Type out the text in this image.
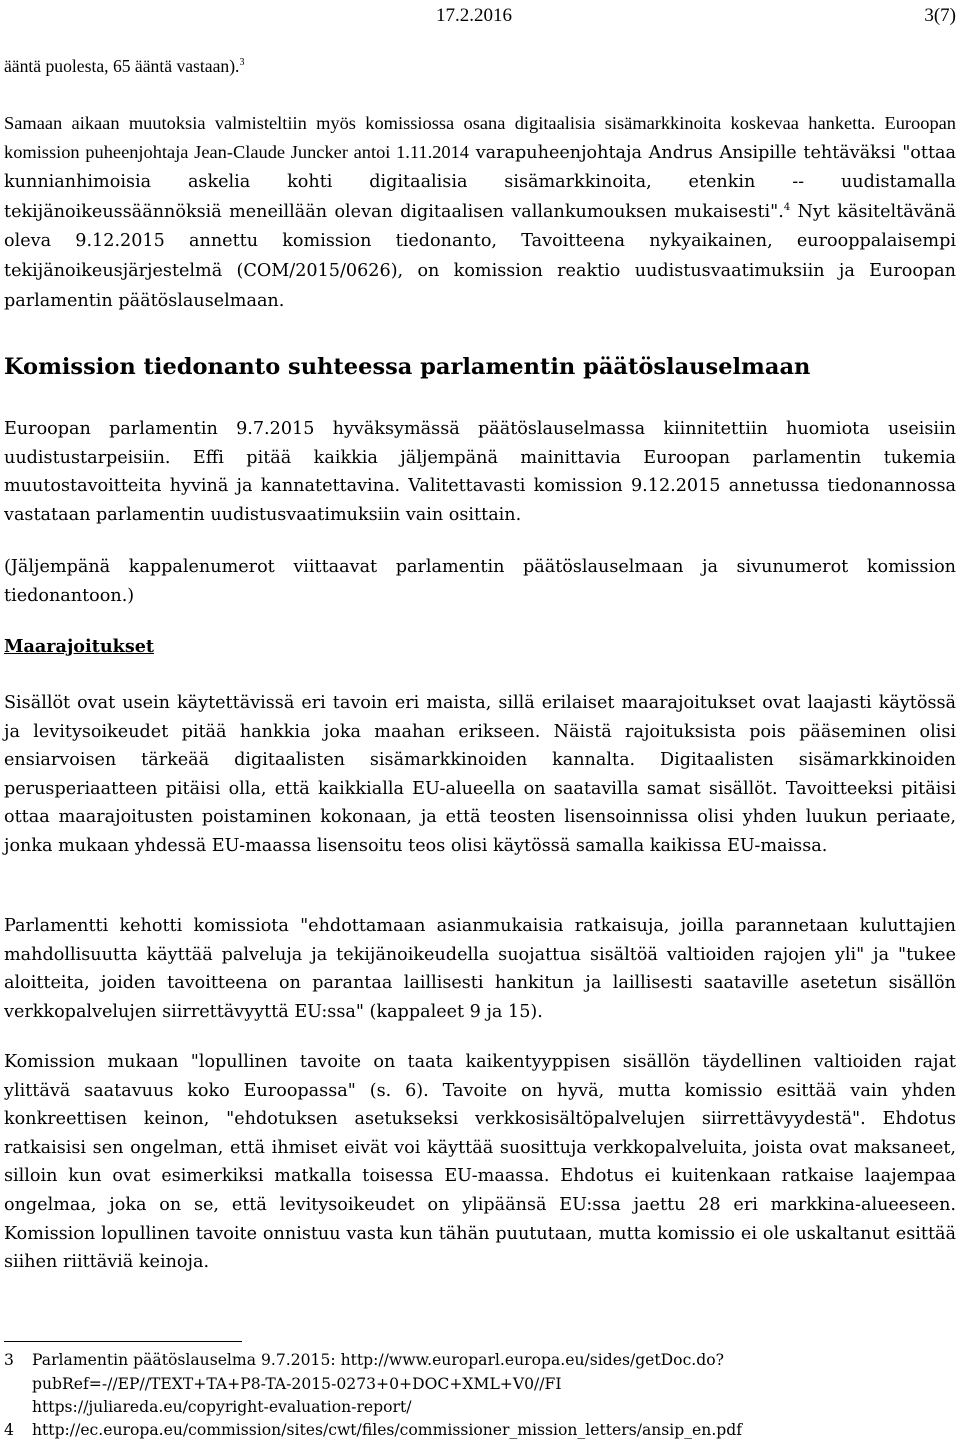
17.2.2016	3(7)
ääntä puolesta, 65 ääntä vastaan).$^3$
Samaan aikaan muutoksia valmisteltiin myös komissiossa osana digitaalisia sisämarkkinoita koskevaa hanketta. Euroopan komission puheenjohtaja Jean-Claude Juncker antoi 1.11.2014 varapuheenjohtaja Andrus Ansipille tehtäväksi "ottaa kunnianhimoisia askelia kohti digitaalisia sisämarkkinoita, etenkin -- uudistamalla tekijänoikeussäännöksiä meneillään olevan digitaalisen vallankumouksen mukaisesti".$^4$ Nyt käsiteltävänä oleva 9.12.2015 annettu komission tiedonanto, Tavoitteena nykyaikainen, eurooppalaisempi tekijänoikeusjärjestelmä (COM/2015/0626), on komission reaktio uudistusvaatimuksiin ja Euroopan parlamentin päätöslauselmaan.
Komission tiedonanto suhteessa parlamentin päätöslauselmaan
Euroopan parlamentin 9.7.2015 hyväksymässä päätöslauselmassa kiinnitettiin huomiota useisiin uudistustarpeisiin. Effi pitää kaikkia jäljempänä mainittavia Euroopan parlamentin tukemia muutostavoitteita hyvinä ja kannatettavina. Valitettavasti komission 9.12.2015 annetussa tiedonannossa vastataan parlamentin uudistusvaatimuksiin vain osittain.
(Jäljempänä kappalenumerot viittaavat parlamentin päätöslauselmaan ja sivunumerot komission tiedonantoon.)
Maarajoitukset
Sisällöt ovat usein käytettävissä eri tavoin eri maista, sillä erilaiset maarajoitukset ovat laajasti käytössä ja levitysoikeudet pitää hankkia joka maahan erikseen. Näistä rajoituksista pois pääseminen olisi ensiarvoisen tärkeää digitaalisten sisämarkkinoiden kannalta. Digitaalisten sisämarkkinoiden perusperiaatteen pitäisi olla, että kaikkialla EU-alueella on saatavilla samat sisällöt. Tavoitteeksi pitäisi ottaa maarajoitusten poistaminen kokonaan, ja että teosten lisensoinnissa olisi yhden luukun periaate, jonka mukaan yhdessä EU-maassa lisensoitu teos olisi käytössä samalla kaikissa EU-maissa.
Parlamentti kehotti komissiota "ehdottamaan asianmukaisia ratkaisuja, joilla parannetaan kuluttajien mahdollisuutta käyttää palveluja ja tekijänoikeudella suojattua sisältöä valtioiden rajojen yli" ja "tukee aloitteita, joiden tavoitteena on parantaa laillisesti hankitun ja laillisesti saataville asetetun sisällön verkkopalvelujen siirrettävyyttä EU:ssa" (kappaleet 9 ja 15).
Komission mukaan "lopullinen tavoite on taata kaikentyyppisen sisällön täydellinen valtioiden rajat ylittävä saatavuus koko Euroopassa" (s. 6). Tavoite on hyvä, mutta komissio esittää vain yhden konkreettisen keinon, "ehdotuksen asetukseksi verkkosisältöpalvelujen siirrettävyydestä". Ehdotus ratkaisisi sen ongelman, että ihmiset eivät voi käyttää suosittuja verkkopalveluita, joista ovat maksaneet, silloin kun ovat esimerkiksi matkalla toisessa EU-maassa. Ehdotus ei kuitenkaan ratkaise laajempaa ongelmaa, joka on se, että levitysoikeudet on ylipäänsä EU:ssa jaettu 28 eri markkina-alueeseen. Komission lopullinen tavoite onnistuu vasta kun tähän puututaan, mutta komissio ei ole uskaltanut esittää siihen riittäviä keinoja.
3 Parlamentin päätöslauselma 9.7.2015: http://www.europarl.europa.eu/sides/getDoc.do?
pubRef=-//EP//TEXT+TA+P8-TA-2015-0273+0+DOC+XML+V0//FI
https://juliareda.eu/copyright-evaluation-report/
4 http://ec.europa.eu/commission/sites/cwt/files/commissioner_mission_letters/ansip_en.pdf
